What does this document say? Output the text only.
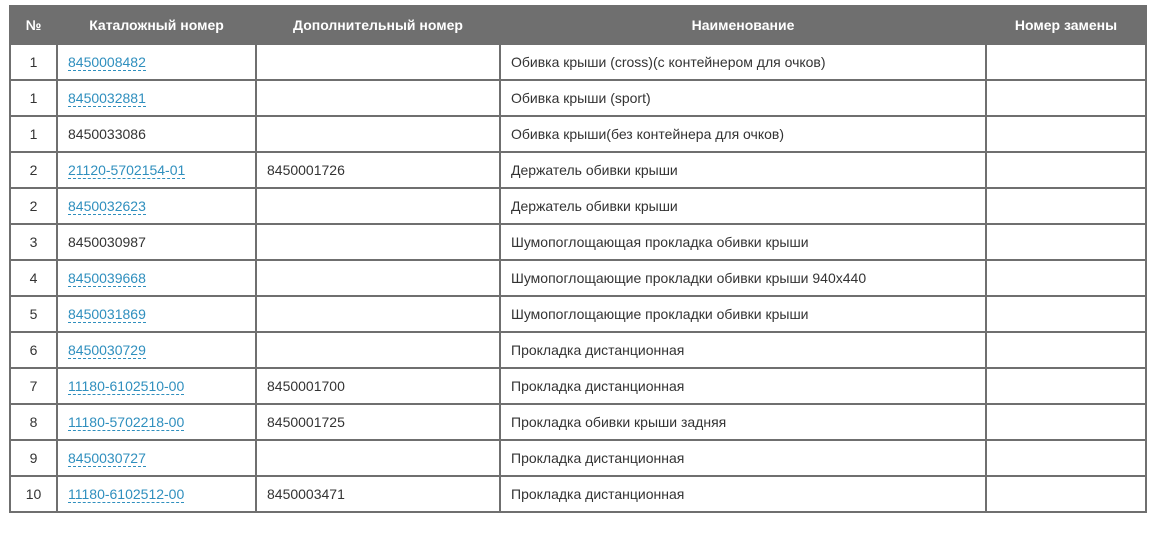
№	Каталожный номер	Дополнительный номер	Наименование	Номер замены
1	8450008482		Обивка крыши (cross)(с контейнером для очков)	
1	8450032881		Обивка крыши (sport)	
1	8450033086		Обивка крыши(без контейнера для очков)	
2	21120-5702154-01	8450001726	Держатель обивки крыши	
2	8450032623		Держатель обивки крыши	
3	8450030987		Шумопоглощающая прокладка обивки крыши	
4	8450039668		Шумопоглощающие прокладки обивки крыши 940х440	
5	8450031869		Шумопоглощающие прокладки обивки крыши	
6	8450030729		Прокладка дистанционная	
7	11180-6102510-00	8450001700	Прокладка дистанционная	
8	11180-5702218-00	8450001725	Прокладка обивки крыши задняя	
9	8450030727		Прокладка дистанционная	
10	11180-6102512-00	8450003471	Прокладка дистанционная	
